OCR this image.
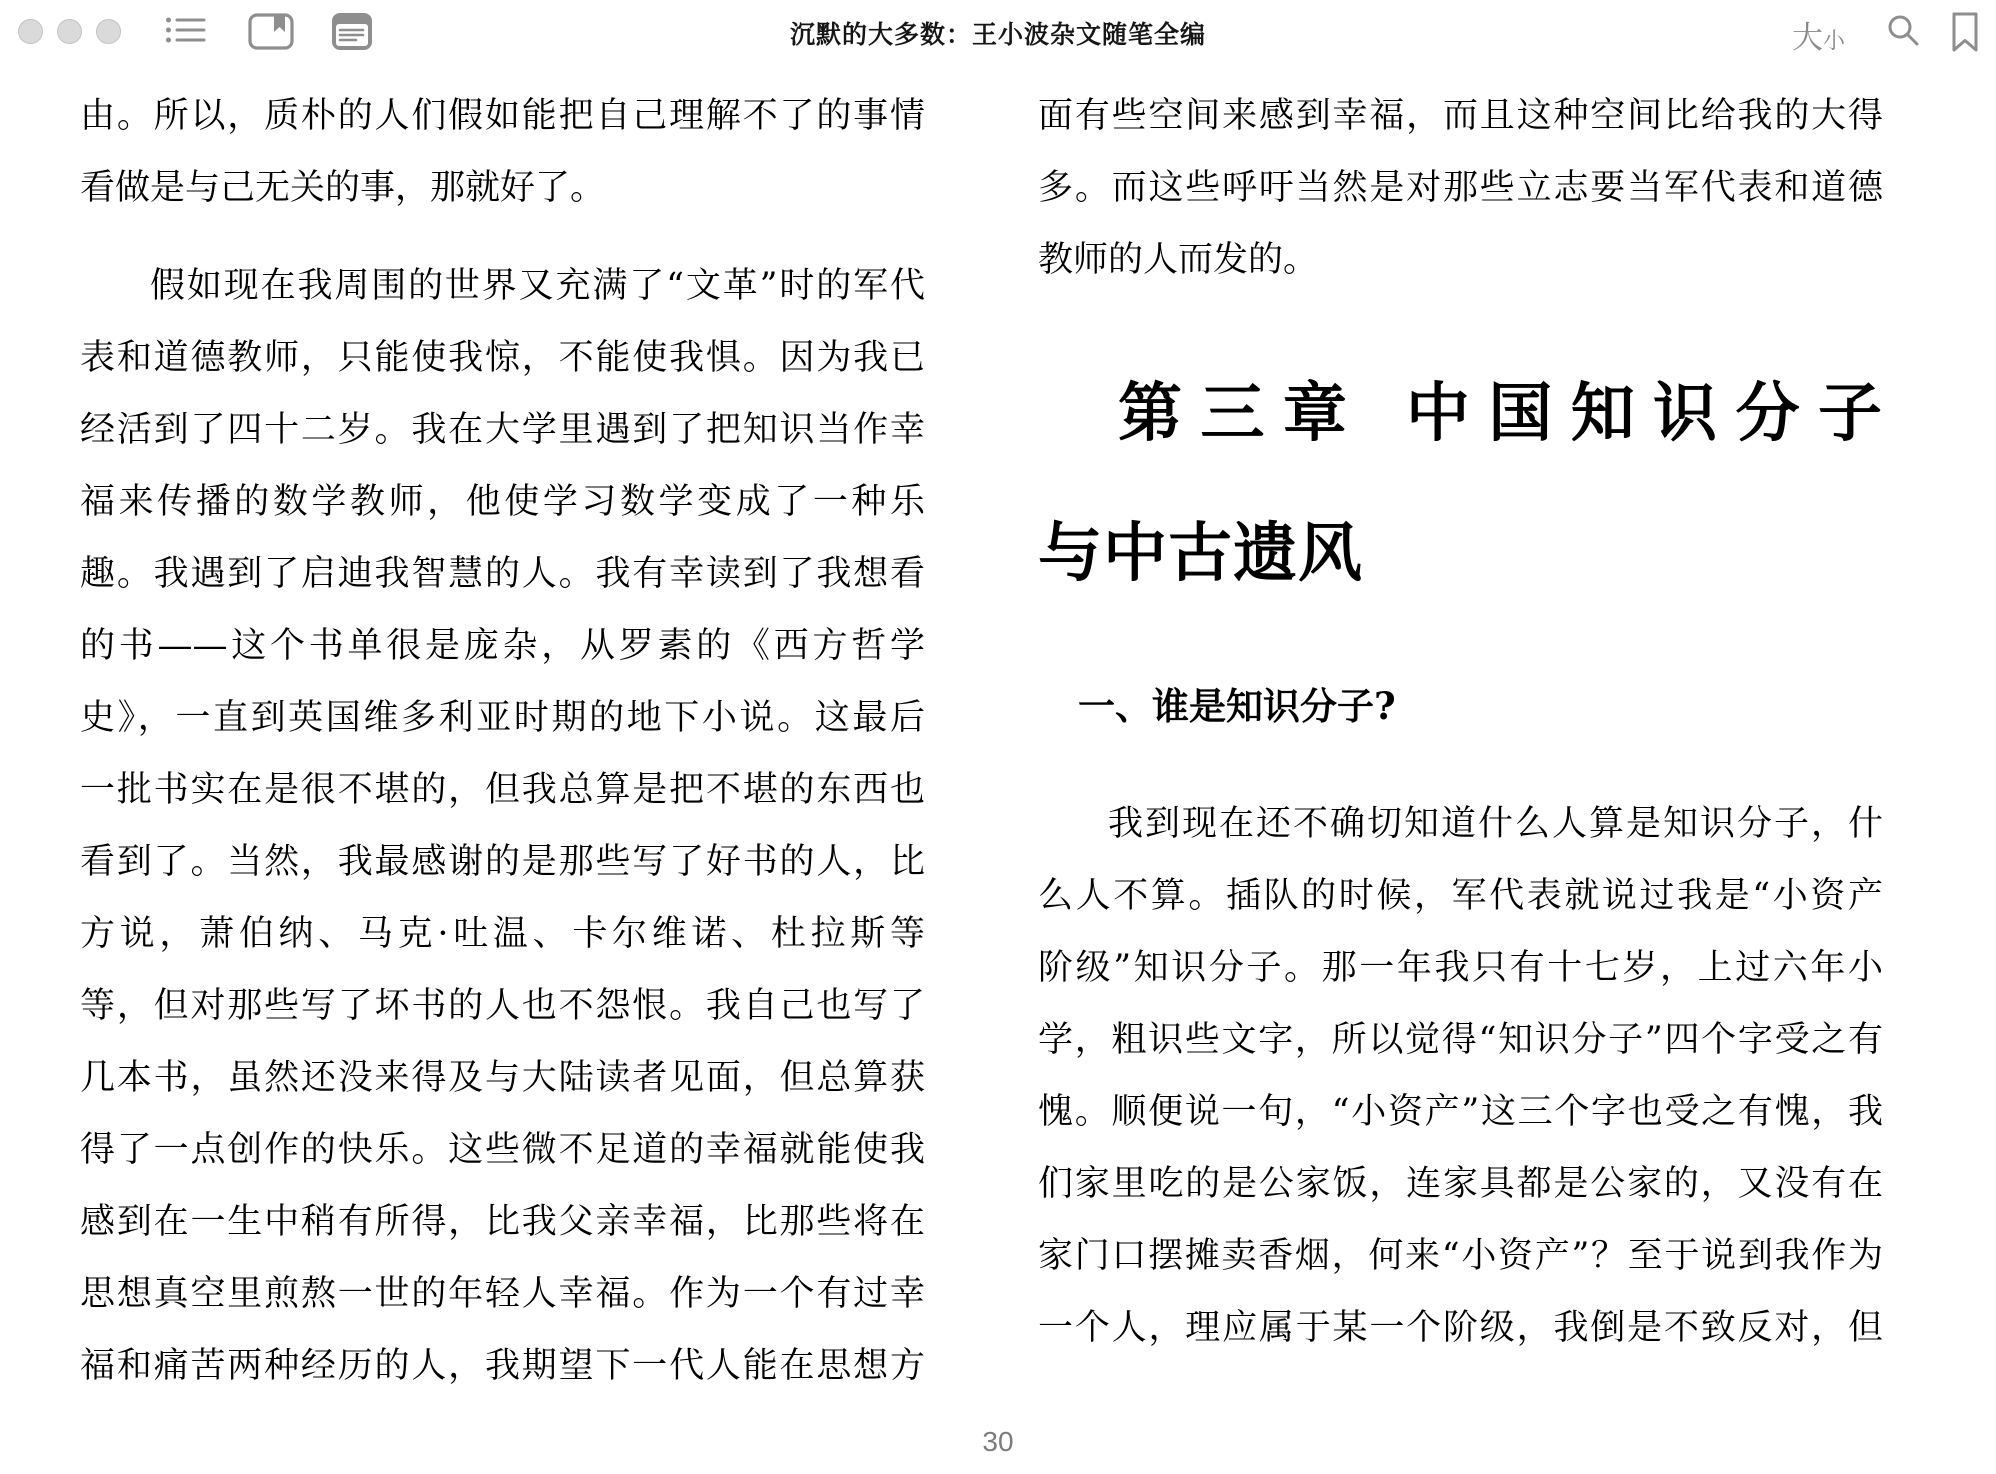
沉默的大多数：王小波杂文随笔全编	大小
由。所以，质朴的人们假如能把自己理解不了的事情
看做是与己无关的事，那就好了。
假如现在我周围的世界又充满了“文革”时的军代
表和道德教师，只能使我惊，不能使我惧。因为我已
经活到了四十二岁。我在大学里遇到了把知识当作幸
福来传播的数学教师，他使学习数学变成了一种乐
趣。我遇到了启迪我智慧的人。我有幸读到了我想看
的书——这个书单很是庞杂，从罗素的《西方哲学
史》，一直到英国维多利亚时期的地下小说。这最后
一批书实在是很不堪的，但我总算是把不堪的东西也
看到了。当然，我最感谢的是那些写了好书的人，比
方说，萧伯纳、马克·吐温、卡尔维诺、杜拉斯等
等，但对那些写了坏书的人也不怨恨。我自己也写了
几本书，虽然还没来得及与大陆读者见面，但总算获
得了一点创作的快乐。这些微不足道的幸福就能使我
感到在一生中稍有所得，比我父亲幸福，比那些将在
思想真空里煎熬一世的年轻人幸福。作为一个有过幸
福和痛苦两种经历的人，我期望下一代人能在思想方
面有些空间来感到幸福，而且这种空间比给我的大得
多。而这些呼吁当然是对那些立志要当军代表和道德
教师的人而发的。
第三章 中国知识分子
与中古遗风
一、谁是知识分子?
我到现在还不确切知道什么人算是知识分子，什
么人不算。插队的时候，军代表就说过我是“小资产
阶级”知识分子。那一年我只有十七岁，上过六年小
学，粗识些文字，所以觉得“知识分子”四个字受之有
愧。顺便说一句，“小资产”这三个字也受之有愧，我
们家里吃的是公家饭，连家具都是公家的，又没有在
家门口摆摊卖香烟，何来“小资产”？至于说到我作为
一个人，理应属于某一个阶级，我倒是不致反对，但
30
